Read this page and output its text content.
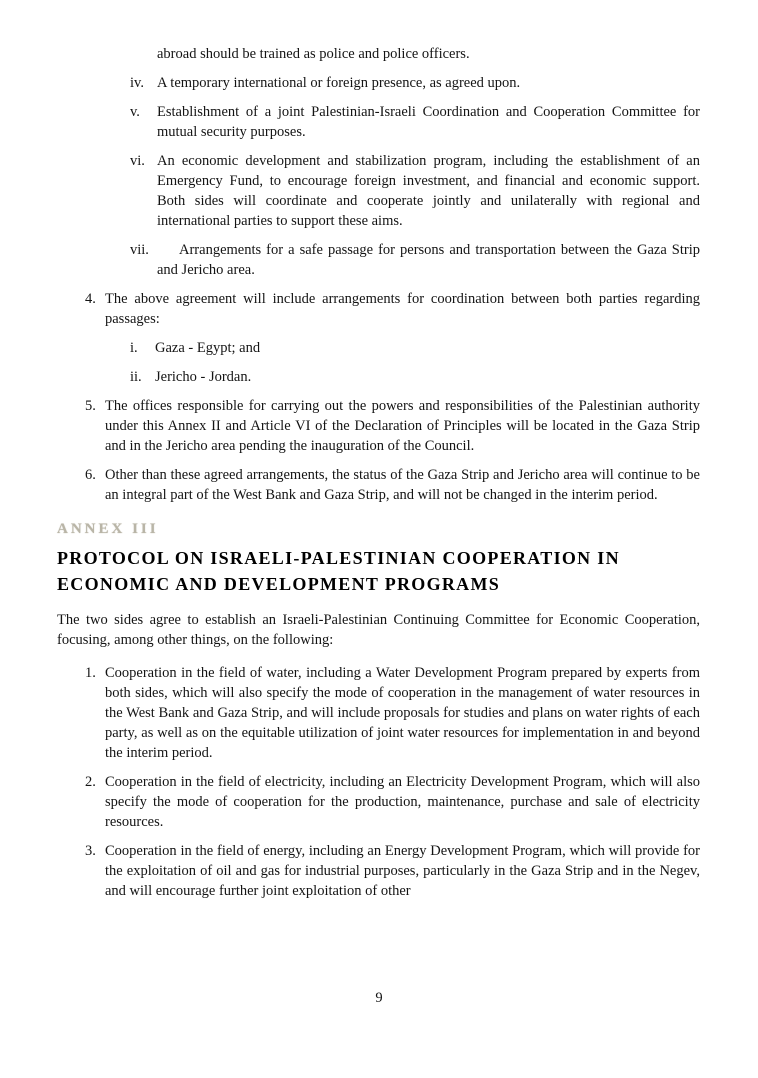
abroad should be trained as police and police officers.

iv. A temporary international or foreign presence, as agreed upon.
v.	Establishment of a joint Palestinian-Israeli Coordination and Cooperation Committee for mutual security purposes.
vi. An economic development and stabilization program, including the establishment of an Emergency Fund, to encourage foreign investment, and financial and economic support. Both sides will coordinate and cooperate jointly and unilaterally with regional and international parties to support these aims.
vii.	Arrangements for a safe passage for persons and transportation between the Gaza Strip and Jericho area.
4. The above agreement will include arrangements for coordination between both parties regarding passages:
i.	Gaza - Egypt; and
ii. Jericho - Jordan.
5. The offices responsible for carrying out the powers and responsibilities of the Palestinian authority under this Annex II and Article VI of the Declaration of Principles will be located in the Gaza Strip and in the Jericho area pending the inauguration of the Council.
6. Other than these agreed arrangements, the status of the Gaza Strip and Jericho area will continue to be an integral part of the West Bank and Gaza Strip, and will not be changed in the interim period.
ANNEX III
PROTOCOL ON ISRAELI-PALESTINIAN COOPERATION IN
ECONOMIC AND DEVELOPMENT PROGRAMS

The two sides agree to establish an Israeli-Palestinian Continuing Committee for Economic Cooperation, focusing, among other things, on the following:

1. Cooperation in the field of water, including a Water Development Program prepared by experts from both sides, which will also specify the mode of cooperation in the management of water resources in the West Bank and Gaza Strip, and will include proposals for studies and plans on water rights of each party, as well as on the equitable utilization of joint water resources for implementation in and beyond the interim period.
2. Cooperation in the field of electricity, including an Electricity Development Program, which will also specify the mode of cooperation for the production, maintenance, purchase and sale of electricity resources.
3. Cooperation in the field of energy, including an Energy Development Program, which will provide for the exploitation of oil and gas for industrial purposes, particularly in the Gaza Strip and in the Negev, and will encourage further joint exploitation of other
9
